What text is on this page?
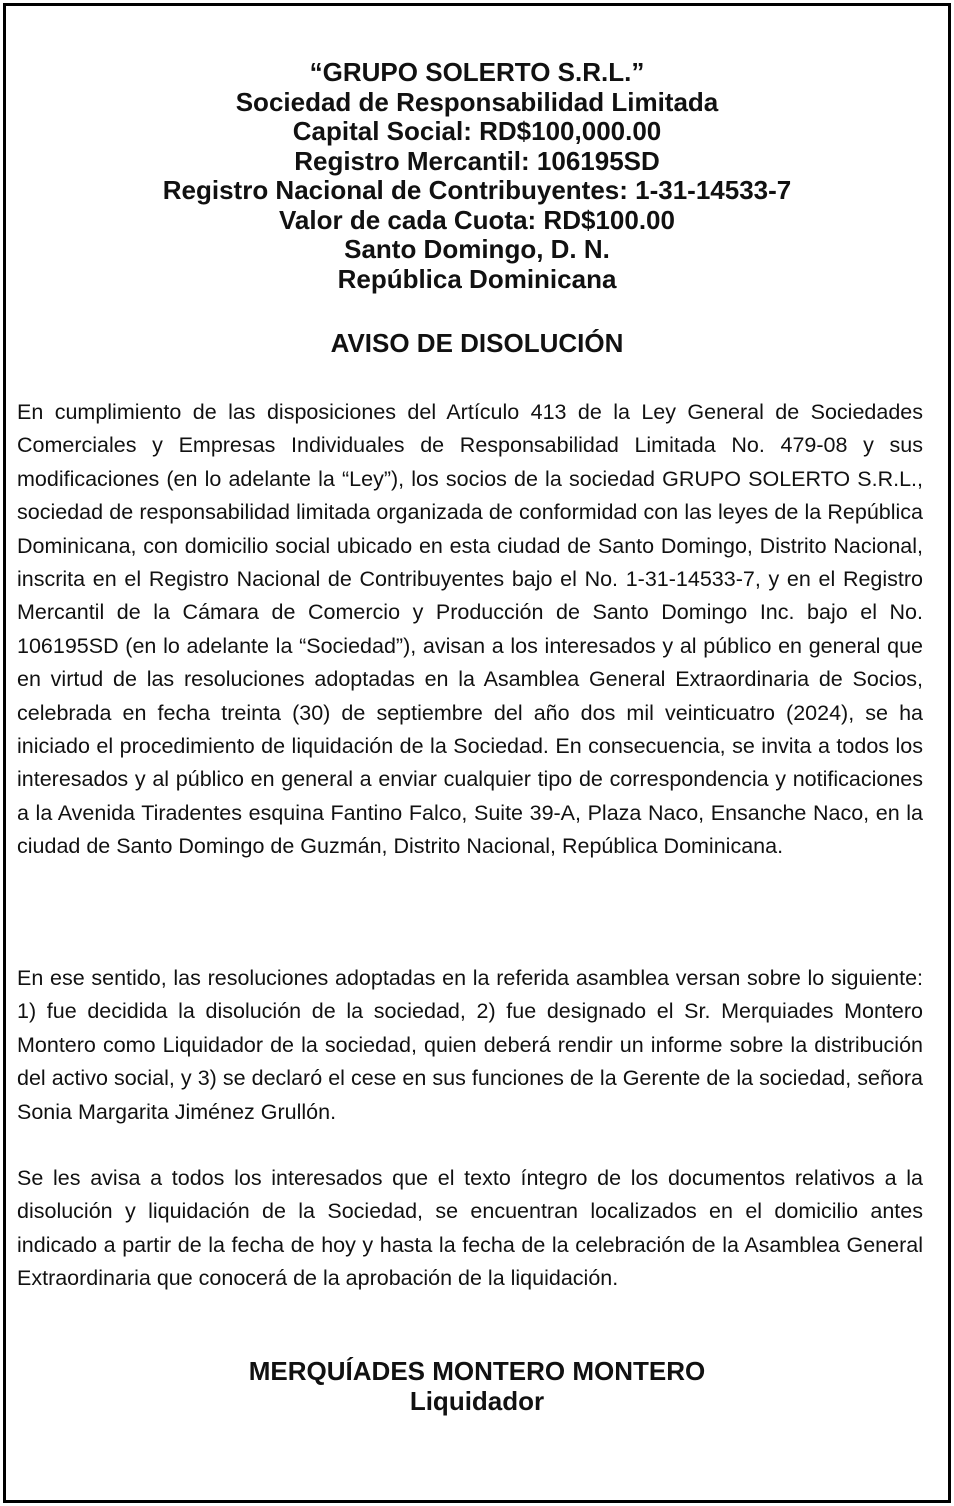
“GRUPO SOLERTO S.R.L.”
Sociedad de Responsabilidad Limitada
Capital Social: RD$100,000.00
Registro Mercantil: 106195SD
Registro Nacional de Contribuyentes: 1-31-14533-7
Valor de cada Cuota: RD$100.00
Santo Domingo, D. N.
República Dominicana
AVISO DE DISOLUCIÓN

En cumplimiento de las disposiciones del Artículo 413 de la Ley General de Sociedades Comerciales y Empresas Individuales de Responsabilidad Limitada No. 479-08 y sus modificaciones (en lo adelante la “Ley”), los socios de la sociedad GRUPO SOLERTO S.R.L., sociedad de responsabilidad limitada organizada de conformidad con las leyes de la República Dominicana, con domicilio social ubicado en esta ciudad de Santo Domingo, Distrito Nacional, inscrita en el Registro Nacional de Contribuyentes bajo el No. 1-31-14533-7, y en el Registro Mercantil de la Cámara de Comercio y Producción de Santo Domingo Inc. bajo el No. 106195SD (en lo adelante la “Sociedad”), avisan a los interesados y al público en general que en virtud de las resoluciones adoptadas en la Asamblea General Extraordinaria de Socios, celebrada en fecha treinta (30) de septiembre del año dos mil veinticuatro (2024), se ha iniciado el procedimiento de liquidación de la Sociedad. En consecuencia, se invita a todos los interesados y al público en general a enviar cualquier tipo de correspondencia y notificaciones a la Avenida Tiradentes esquina Fantino Falco, Suite 39-A, Plaza Naco, Ensanche Naco, en la ciudad de Santo Domingo de Guzmán, Distrito Nacional, República Dominicana.

En ese sentido, las resoluciones adoptadas en la referida asamblea versan sobre lo siguiente: 1) fue decidida la disolución de la sociedad, 2) fue designado el Sr. Merquiades Montero Montero como Liquidador de la sociedad, quien deberá rendir un informe sobre la distribución del activo social, y 3) se declaró el cese en sus funciones de la Gerente de la sociedad, señora Sonia Margarita Jiménez Grullón.

Se les avisa a todos los interesados que el texto íntegro de los documentos relativos a la disolución y liquidación de la Sociedad, se encuentran localizados en el domicilio antes indicado a partir de la fecha de hoy y hasta la fecha de la celebración de la Asamblea General Extraordinaria que conocerá de la aprobación de la liquidación.

MERQUÍADES MONTERO MONTERO
Liquidador
